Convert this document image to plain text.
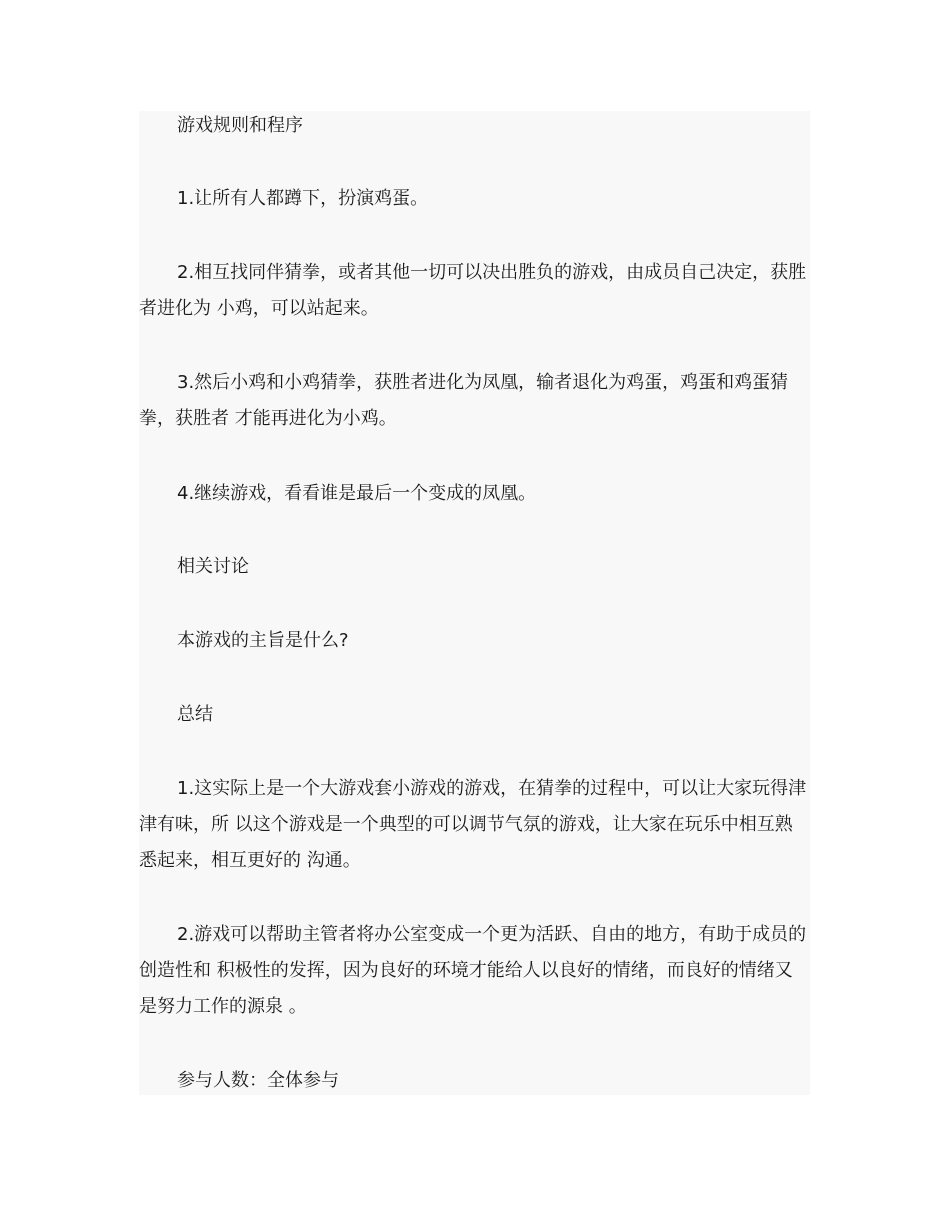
游戏规则和程序

1.让所有人都蹲下，扮演鸡蛋。

2.相互找同伴猜拳，或者其他一切可以决出胜负的游戏，由成员自己决定，获胜者进化为 小鸡，可以站起来。

3.然后小鸡和小鸡猜拳，获胜者进化为凤凰，输者退化为鸡蛋，鸡蛋和鸡蛋猜拳，获胜者 才能再进化为小鸡。

4.继续游戏，看看谁是最后一个变成的凤凰。

相关讨论

本游戏的主旨是什么?

总结

1.这实际上是一个大游戏套小游戏的游戏，在猜拳的过程中，可以让大家玩得津津有味，所 以这个游戏是一个典型的可以调节气氛的游戏，让大家在玩乐中相互熟悉起来，相互更好的 沟通。

2.游戏可以帮助主管者将办公室变成一个更为活跃、自由的地方，有助于成员的创造性和 积极性的发挥，因为良好的环境才能给人以良好的情绪，而良好的情绪又是努力工作的源泉 。

参与人数：全体参与
